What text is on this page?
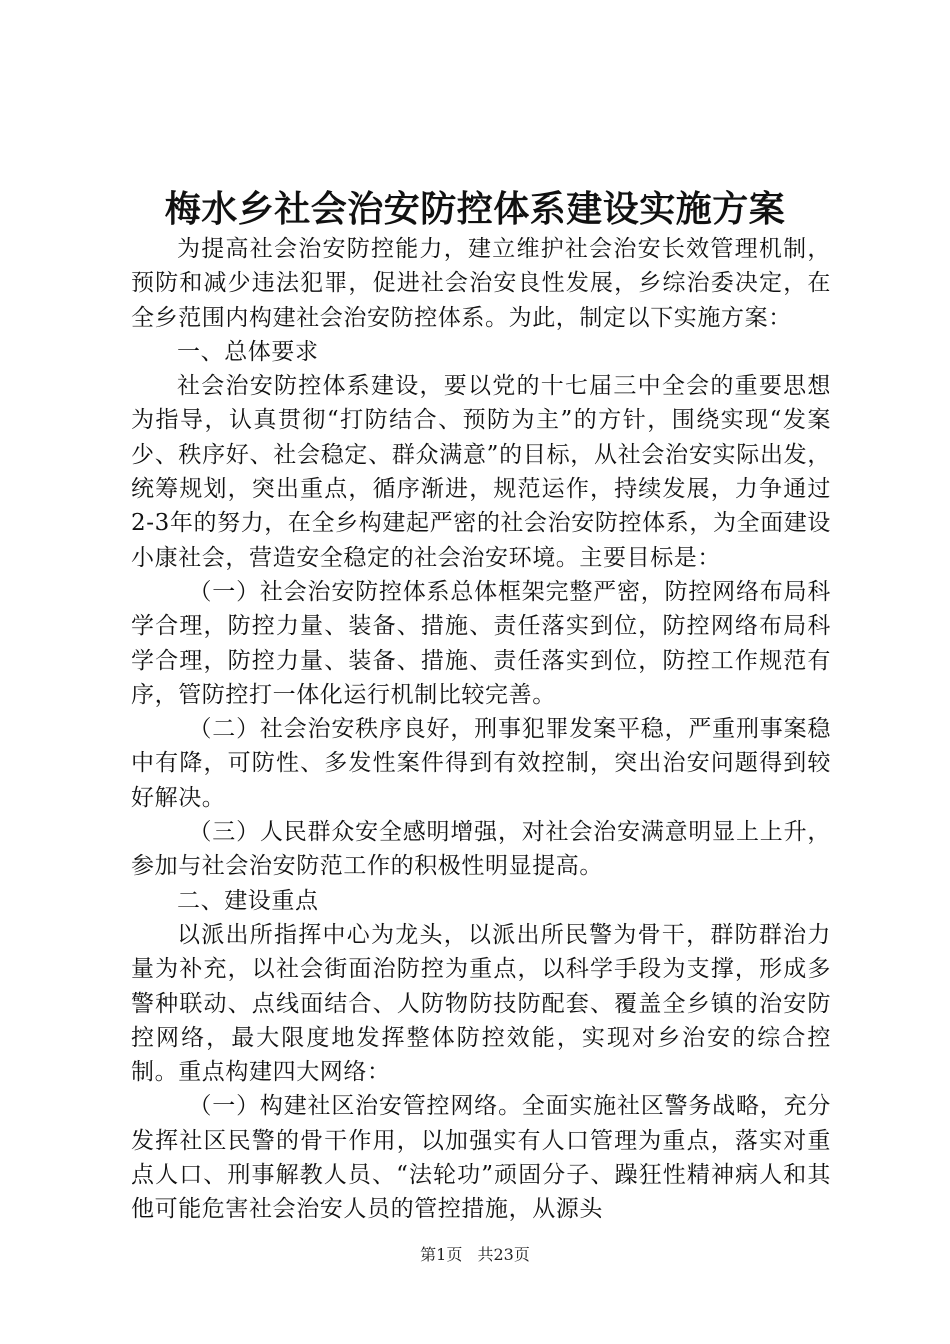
梅水乡社会治安防控体系建设实施方案

为提高社会治安防控能力，建立维护社会治安长效管理机制，预防和减少违法犯罪，促进社会治安良性发展，乡综治委决定，在全乡范围内构建社会治安防控体系。为此，制定以下实施方案：

一、总体要求

社会治安防控体系建设，要以党的十七届三中全会的重要思想为指导，认真贯彻“打防结合、预防为主”的方针，围绕实现“发案少、秩序好、社会稳定、群众满意”的目标，从社会治安实际出发，统筹规划，突出重点，循序渐进，规范运作，持续发展，力争通过2-3年的努力，在全乡构建起严密的社会治安防控体系，为全面建设小康社会，营造安全稳定的社会治安环境。主要目标是：

（一）社会治安防控体系总体框架完整严密，防控网络布局科学合理，防控力量、装备、措施、责任落实到位，防控网络布局科学合理，防控力量、装备、措施、责任落实到位，防控工作规范有序，管防控打一体化运行机制比较完善。

（二）社会治安秩序良好，刑事犯罪发案平稳，严重刑事案稳中有降，可防性、多发性案件得到有效控制，突出治安问题得到较好解决。

（三）人民群众安全感明增强，对社会治安满意明显上上升，参加与社会治安防范工作的积极性明显提高。

二、建设重点

以派出所指挥中心为龙头，以派出所民警为骨干，群防群治力量为补充，以社会街面治防控为重点，以科学手段为支撑，形成多警种联动、点线面结合、人防物防技防配套、覆盖全乡镇的治安防控网络，最大限度地发挥整体防控效能，实现对乡治安的综合控制。重点构建四大网络：

（一）构建社区治安管控网络。全面实施社区警务战略，充分发挥社区民警的骨干作用，以加强实有人口管理为重点，落实对重点人口、刑事解教人员、“法轮功”顽固分子、躁狂性精神病人和其他可能危害社会治安人员的管控措施，从源头

第1页 共23页
